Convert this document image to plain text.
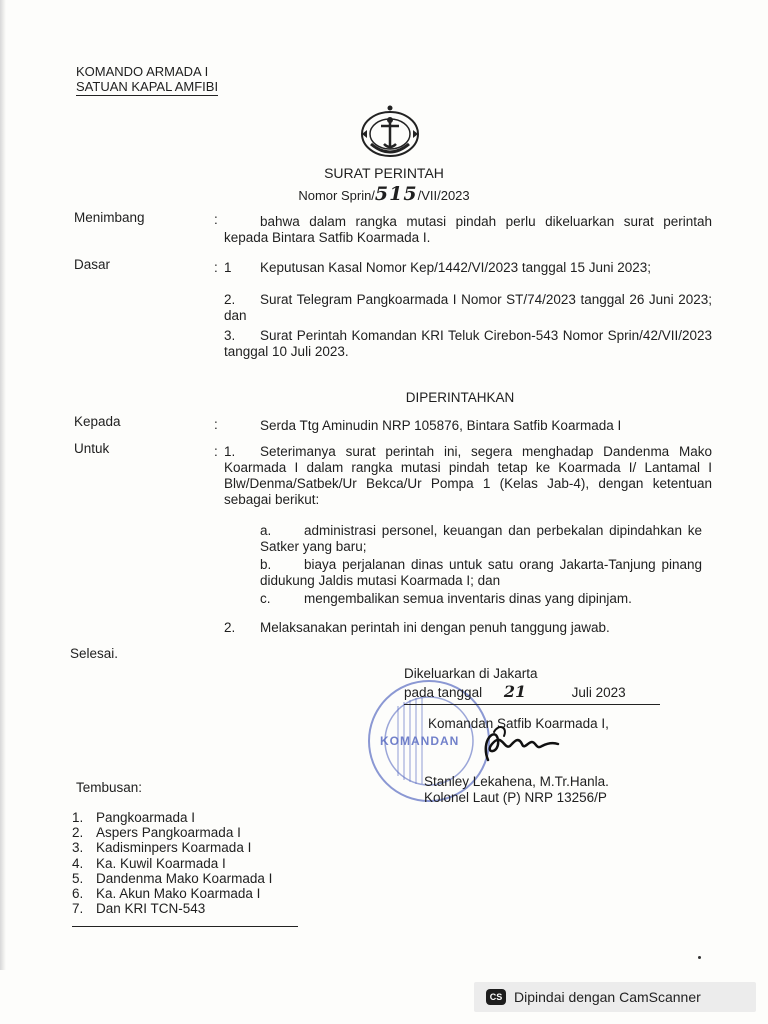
KOMANDO ARMADA I
SATUAN KAPAL AMFIBI
SURAT PERINTAH
Nomor Sprin/515/VII/2023
Menimbang	:	bahwa dalam rangka mutasi pindah perlu dikeluarkan surat perintah kepada Bintara Satfib Koarmada I.
Dasar	: 1 Keputusan Kasal Nomor Kep/1442/VI/2023 tanggal 15 Juni 2023;
2. Surat Telegram Pangkoarmada I Nomor ST/74/2023 tanggal 26 Juni 2023; dan
3. Surat Perintah Komandan KRI Teluk Cirebon-543 Nomor Sprin/42/VII/2023 tanggal 10 Juli 2023.
DIPERINTAHKAN
Kepada	:	Serda Ttg Aminudin NRP 105876, Bintara Satfib Koarmada I
Untuk	: 1. Seterimanya surat perintah ini, segera menghadap Dandenma Mako Koarmada I dalam rangka mutasi pindah tetap ke Koarmada I/ Lantamal I Blw/Denma/Satbek/Ur Bekca/Ur Pompa 1 (Kelas Jab-4), dengan ketentuan sebagai berikut:
a. administrasi personel, keuangan dan perbekalan dipindahkan ke Satker yang baru;
b. biaya perjalanan dinas untuk satu orang Jakarta-Tanjung pinang didukung Jaldis mutasi Koarmada I; dan
c. mengembalikan semua inventaris dinas yang dipinjam.
2. Melaksanakan perintah ini dengan penuh tanggung jawab.
Selesai.
KOMANDAN
Dikeluarkan di Jakarta
pada tanggal 21	Juli 2023
Komandan Satfib Koarmada I,
Stanley Lekahena, M.Tr.Hanla.
Kolonel Laut (P) NRP 13256/P
Tembusan:
1. Pangkoarmada I
2. Aspers Pangkoarmada I
3. Kadisminpers Koarmada I
4. Ka. Kuwil Koarmada I
5. Dandenma Mako Koarmada I
6. Ka. Akun Mako Koarmada I
7. Dan KRI TCN-543
CS Dipindai dengan CamScanner
